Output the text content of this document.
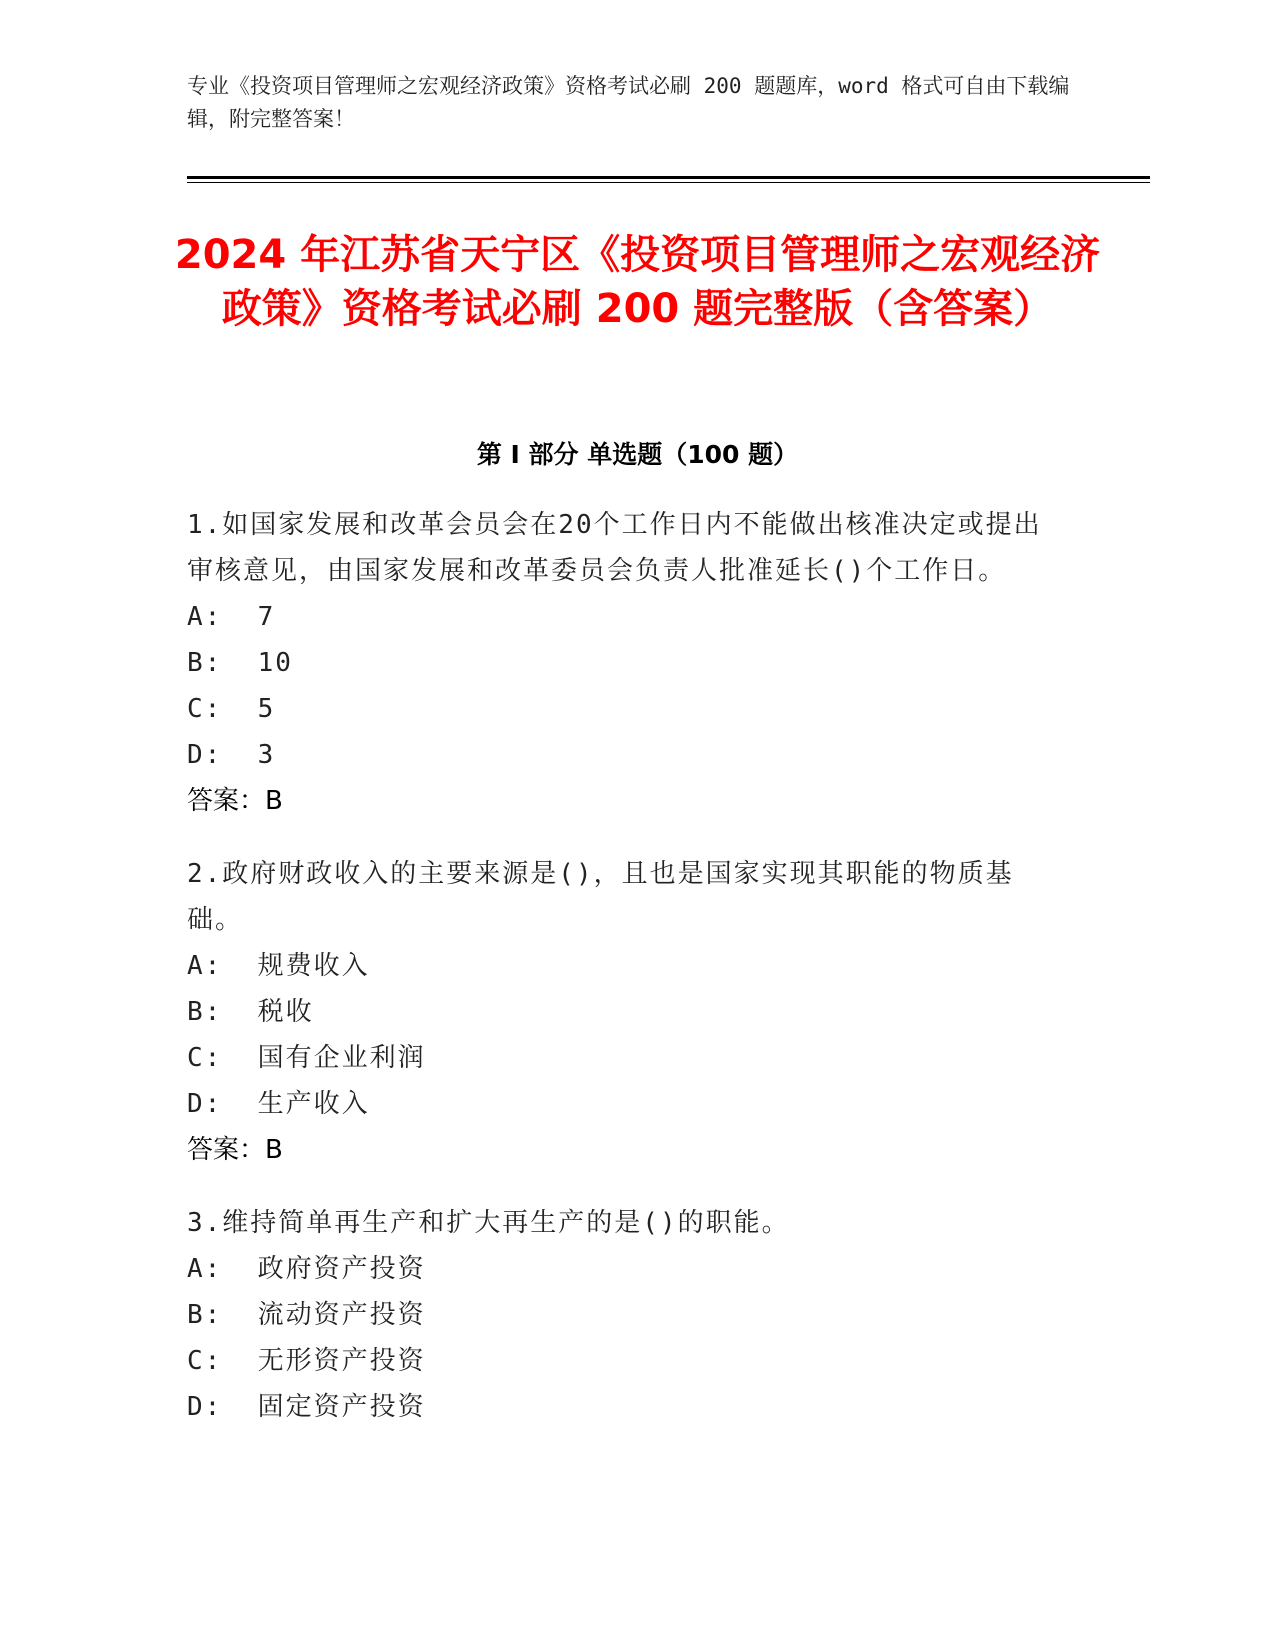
专业《投资项目管理师之宏观经济政策》资格考试必刷 200 题题库，word 格式可自由下载编辑，附完整答案！
2024 年江苏省天宁区《投资项目管理师之宏观经济政策》资格考试必刷 200 题完整版（含答案）
第 I 部分 单选题（100 题）
1.如国家发展和改革会员会在20个工作日内不能做出核准决定或提出审核意见，由国家发展和改革委员会负责人批准延长()个工作日。
A:  7
B:  10
C:  5
D:  3
答案：B
2.政府财政收入的主要来源是()，且也是国家实现其职能的物质基础。
A:  规费收入
B:  税收
C:  国有企业利润
D:  生产收入
答案：B
3.维持简单再生产和扩大再生产的是()的职能。
A:  政府资产投资
B:  流动资产投资
C:  无形资产投资
D:  固定资产投资
